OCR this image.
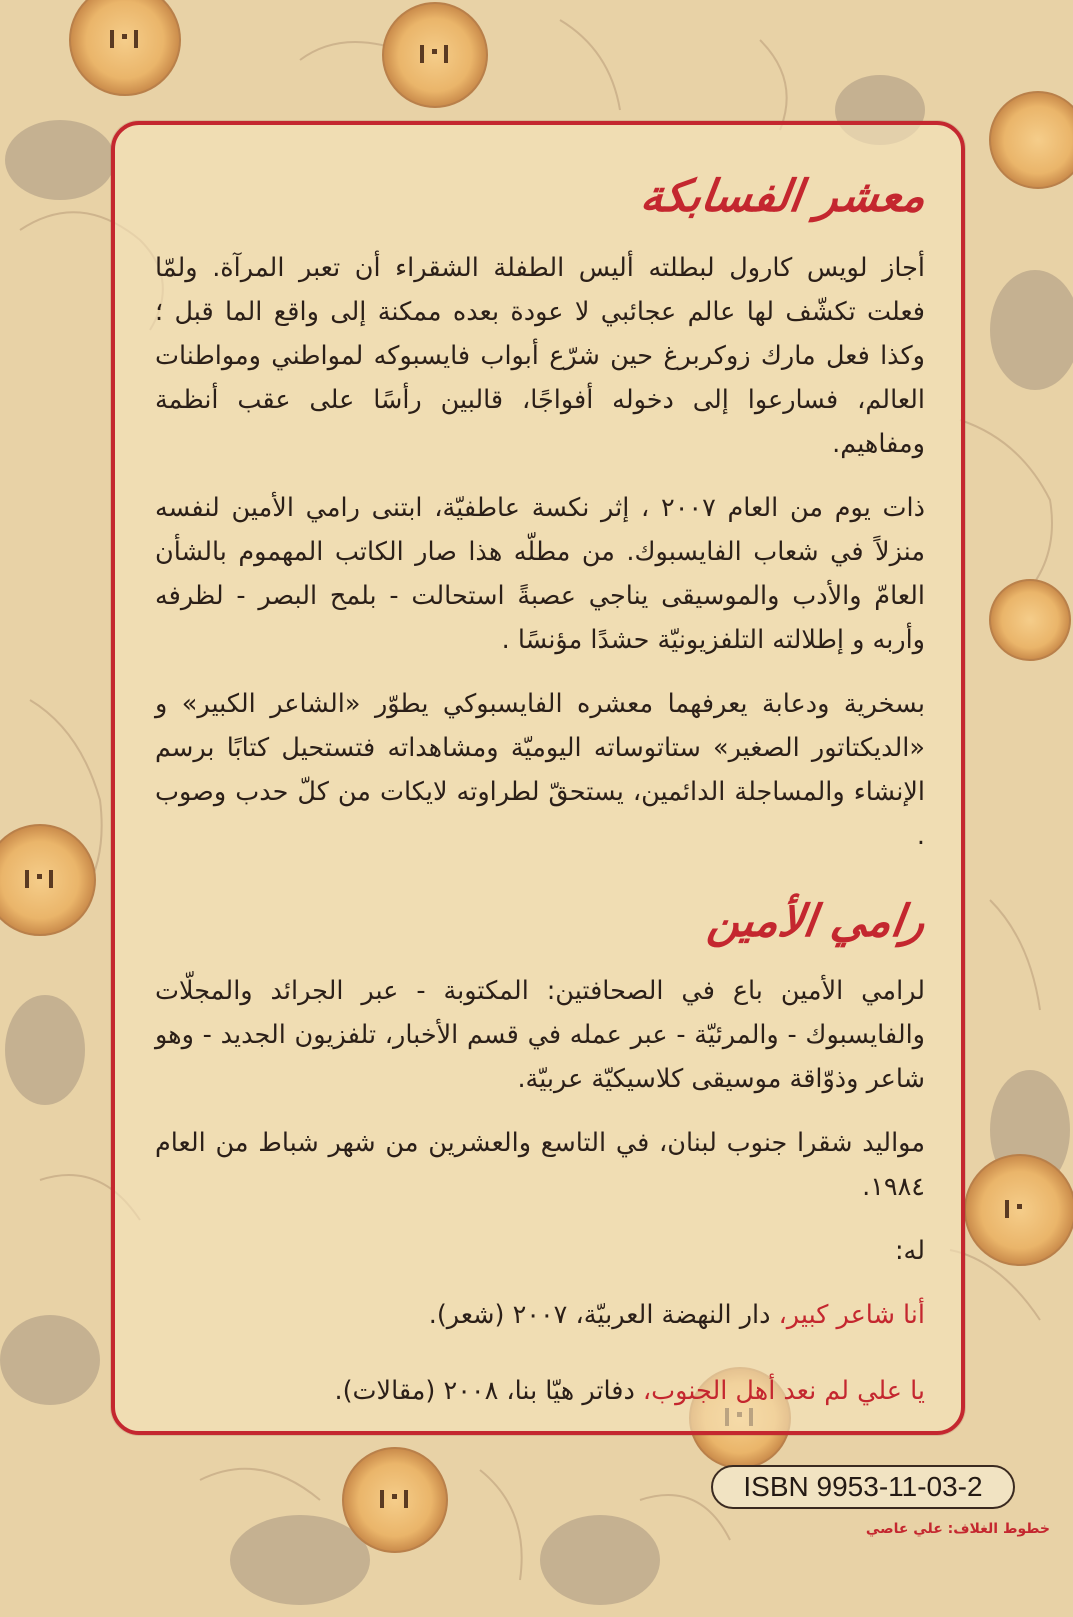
معشر الفسابكة

أجاز لويس كارول لبطلته أليس الطفلة الشقراء أن تعبر المرآة. ولمّا فعلت تكشّف لها عالم عجائبي لا عودة بعده ممكنة إلى واقع الما قبل ؛ وكذا فعل مارك زوكربرغ حين شرّع أبواب فايسبوكه لمواطني ومواطنات العالم، فسارعوا إلى دخوله أفواجًا، قالبين رأسًا على عقب أنظمة ومفاهيم.

ذات يوم من العام ٢٠٠٧ ، إثر نكسة عاطفيّة، ابتنى رامي الأمين لنفسه منزلاً في شعاب الفايسبوك. من مطلّه هذا صار الكاتب المهموم بالشأن العامّ والأدب والموسيقى يناجي عصبةً استحالت - بلمح البصر - لظرفه وأربه و إطلالته التلفزيونيّة حشدًا مؤنسًا .

بسخرية ودعابة يعرفهما معشره الفايسبوكي يطوّر «الشاعر الكبير» و «الديكتاتور الصغير» ستاتوساته اليوميّة ومشاهداته فتستحيل كتابًا برسم الإنشاء والمساجلة الدائمين، يستحقّ لطراوته لايكات من كلّ حدب وصوب .

رامي الأمين

لرامي الأمين باع في الصحافتين: المكتوبة - عبر الجرائد والمجلّات والفايسبوك - والمرئيّة - عبر عمله في قسم الأخبار، تلفزيون الجديد - وهو شاعر وذوّاقة موسيقى كلاسيكيّة عربيّة.

مواليد شقرا جنوب لبنان، في التاسع والعشرين من شهر شباط من العام ١٩٨٤.

له:

أنا شاعر كبير، دار النهضة العربيّة، ٢٠٠٧ (شعر).

يا علي لم نعد أهل الجنوب، دفاتر هيّا بنا، ٢٠٠٨ (مقالات).

ISBN 9953-11-03-2
خطوط الغلاف: علي عاصي
